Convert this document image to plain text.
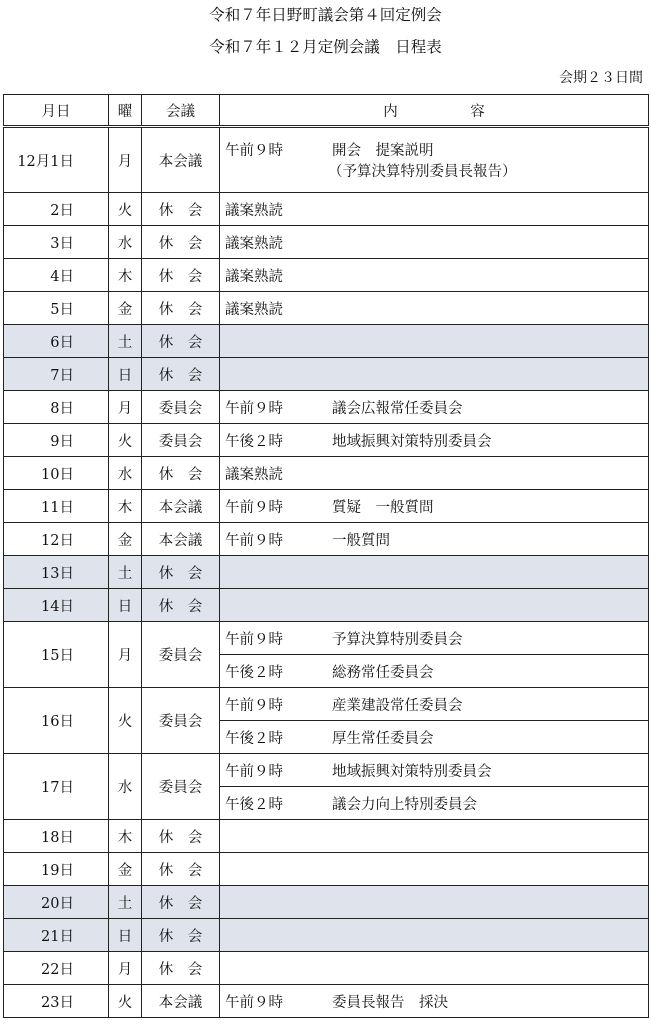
令和７年日野町議会第４回定例会
令和７年１２月定例会議　日程表
会期２３日間
月日	曜	会議	内　　　　　容
12月1日	月	本会議	午前９時 開会　提案説明
（予算決算特別委員長報告）

2日	火	休　会	議案熟読
3日	水	休　会	議案熟読
4日	木	休　会	議案熟読
5日	金	休　会	議案熟読
6日	土	休　会	
7日	日	休　会	
8日	月	委員会	午前９時 議会広報常任委員会
9日	火	委員会	午後２時 地域振興対策特別委員会
10日	水	休　会	議案熟読
11日	木	本会議	午前９時 質疑　一般質問
12日	金	本会議	午前９時 一般質問
13日	土	休　会	
14日	日	休　会	
15日	月	委員会	午前９時 予算決算特別委員会
			午後２時 総務常任委員会
16日	火	委員会	午前９時 産業建設常任委員会
			午後２時 厚生常任委員会
17日	水	委員会	午前９時 地域振興対策特別委員会
			午後２時 議会力向上特別委員会
18日	木	休　会	
19日	金	休　会	
20日	土	休　会	
21日	日	休　会	
22日	月	休　会	
23日	火	本会議	午前９時 委員長報告　採決
